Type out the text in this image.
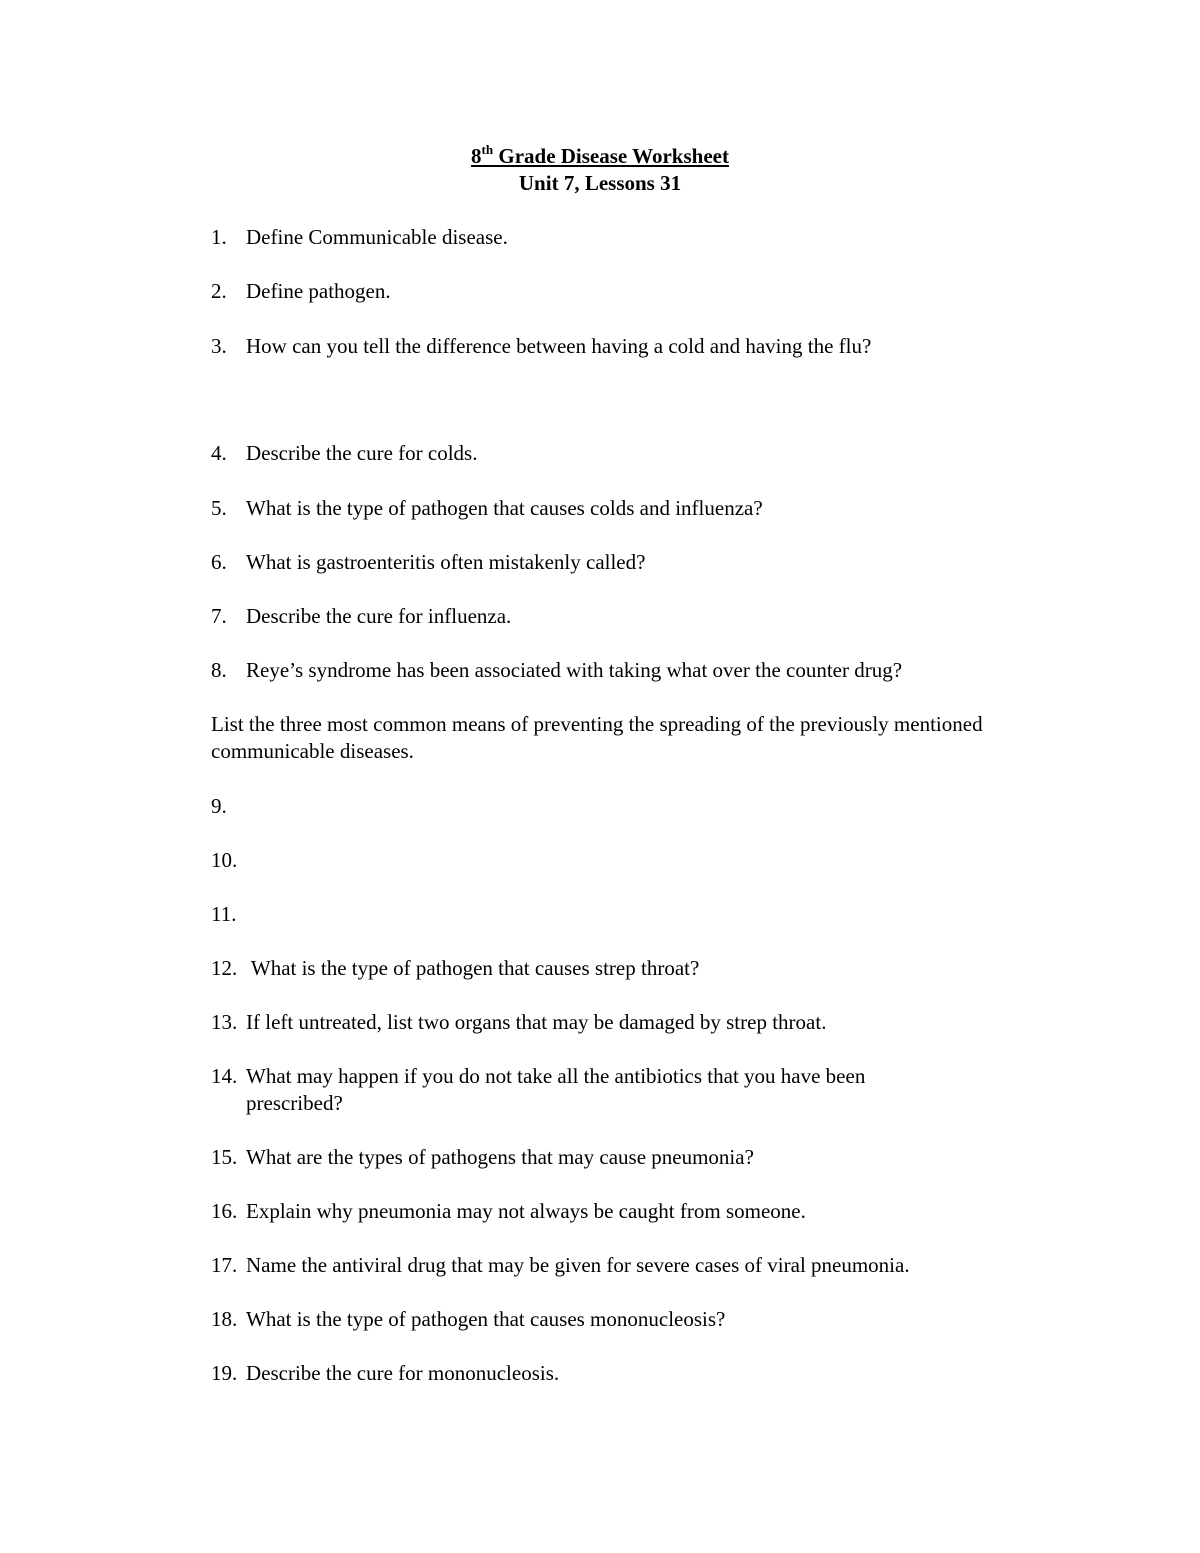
8th Grade Disease Worksheet
Unit 7, Lessons 31
1. Define Communicable disease.
2. Define pathogen.
3. How can you tell the difference between having a cold and having the flu?
4. Describe the cure for colds.
5. What is the type of pathogen that causes colds and influenza?
6. What is gastroenteritis often mistakenly called?
7. Describe the cure for influenza.
8. Reye’s syndrome has been associated with taking what over the counter drug?
List the three most common means of preventing the spreading of the previously mentioned communicable diseases.
9.
10.
11.
12. What is the type of pathogen that causes strep throat?
13. If left untreated, list two organs that may be damaged by strep throat.
14. What may happen if you do not take all the antibiotics that you have been
prescribed?
15. What are the types of pathogens that may cause pneumonia?
16. Explain why pneumonia may not always be caught from someone.
17. Name the antiviral drug that may be given for severe cases of viral pneumonia.
18. What is the type of pathogen that causes mononucleosis?
19. Describe the cure for mononucleosis.
